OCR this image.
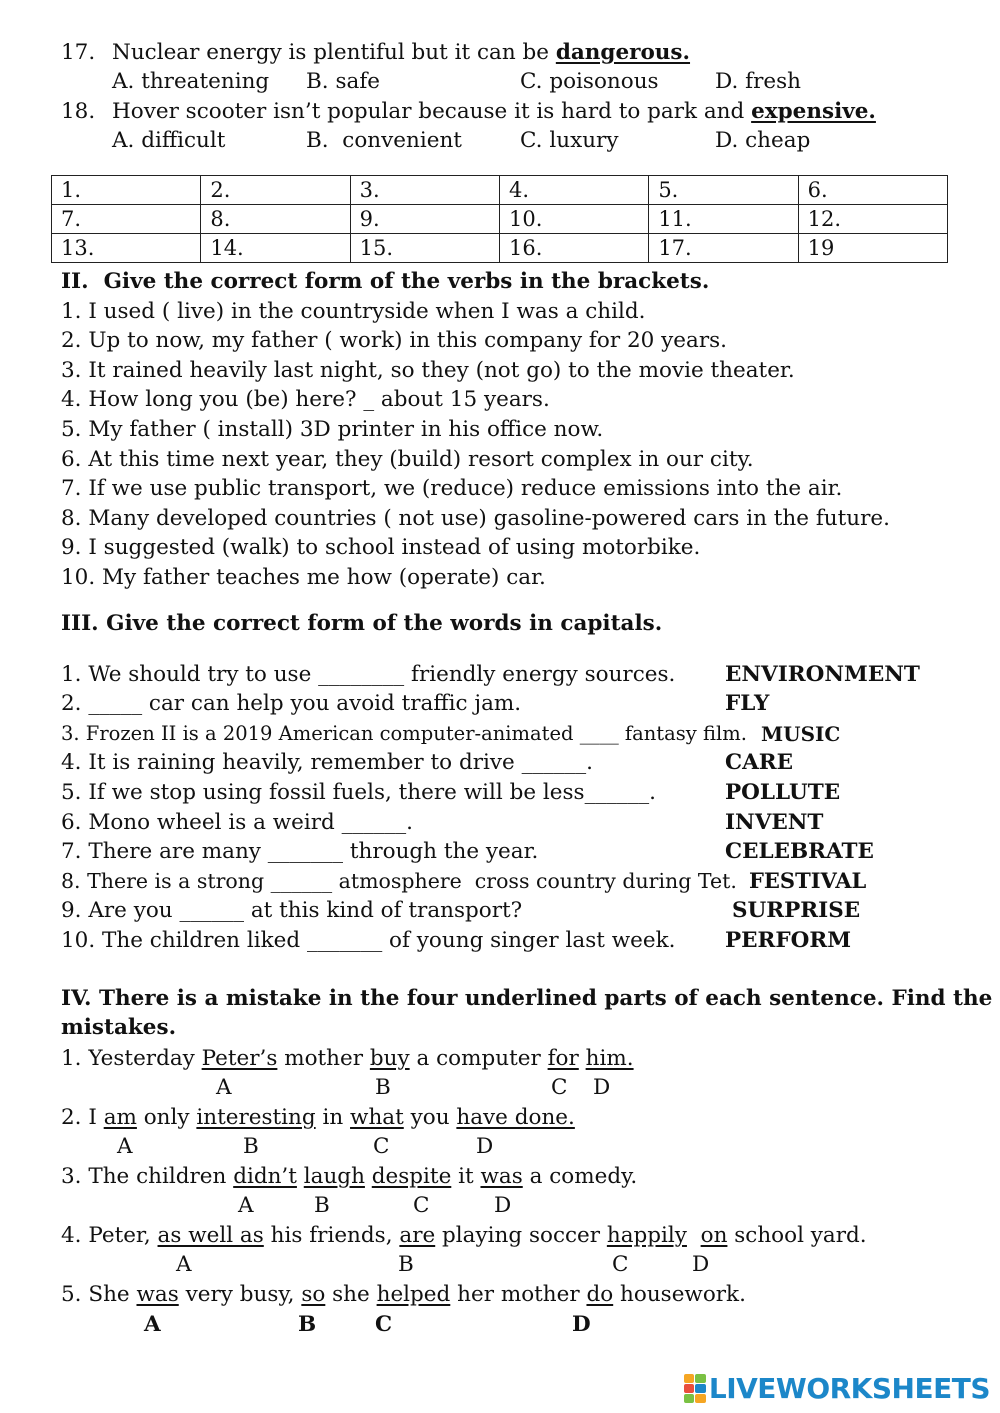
17. Nuclear energy is plentiful but it can be dangerous.
A. threatening B. safe	C. poisonous	D. fresh
18. Hover scooter isn’t popular because it is hard to park and expensive.
A. difficult	B.  convenient	C. luxury	D. cheap
1.	2.	3.	4.	5.	6.
7.	8.	9.	10.	11.	12.
13.	14.	15.	16.	17.	19
II.  Give the correct form of the verbs in the brackets.
1. I used ( live) in the countryside when I was a child.
2. Up to now, my father ( work) in this company for 20 years.
3. It rained heavily last night, so they (not go) to the movie theater.
4. How long you (be) here? _ about 15 years.
5. My father ( install) 3D printer in his office now.
6. At this time next year, they (build) resort complex in our city.
7. If we use public transport, we (reduce) reduce emissions into the air.
8. Many developed countries ( not use) gasoline-powered cars in the future.
9. I suggested (walk) to school instead of using motorbike.
10. My father teaches me how (operate) car.
III. Give the correct form of the words in capitals.
1. We should try to use ________ friendly energy sources. ENVIRONMENT
2. _____ car can help you avoid traffic jam.	FLY
3. Frozen II is a 2019 American computer-animated ____ fantasy film. MUSIC
4. It is raining heavily, remember to drive ______.	CARE
5. If we stop using fossil fuels, there will be less______.	POLLUTE
6. Mono wheel is a weird ______.	INVENT
7. There are many _______ through the year.	CELEBRATE
8. There is a strong ______ atmosphere  cross country during Tet. FESTIVAL
9. Are you ______ at this kind of transport?	SURPRISE
10. The children liked _______ of young singer last week. PERFORM
IV. There is a mistake in the four underlined parts of each sentence. Find the
mistakes.
1. Yesterday Peter’s mother buy a computer for him.
A	B	C D
2. I am only interesting in what you have done.
A	B	C	D
3. The children didn’t laugh despite it was a comedy.
A	B	C	D
4. Peter, as well as his friends, are playing soccer happily on school yard.
A	B	C	D
5. She was very busy, so she helped her mother do housework.
A	B	C	D
LIVEWORKSHEETS
